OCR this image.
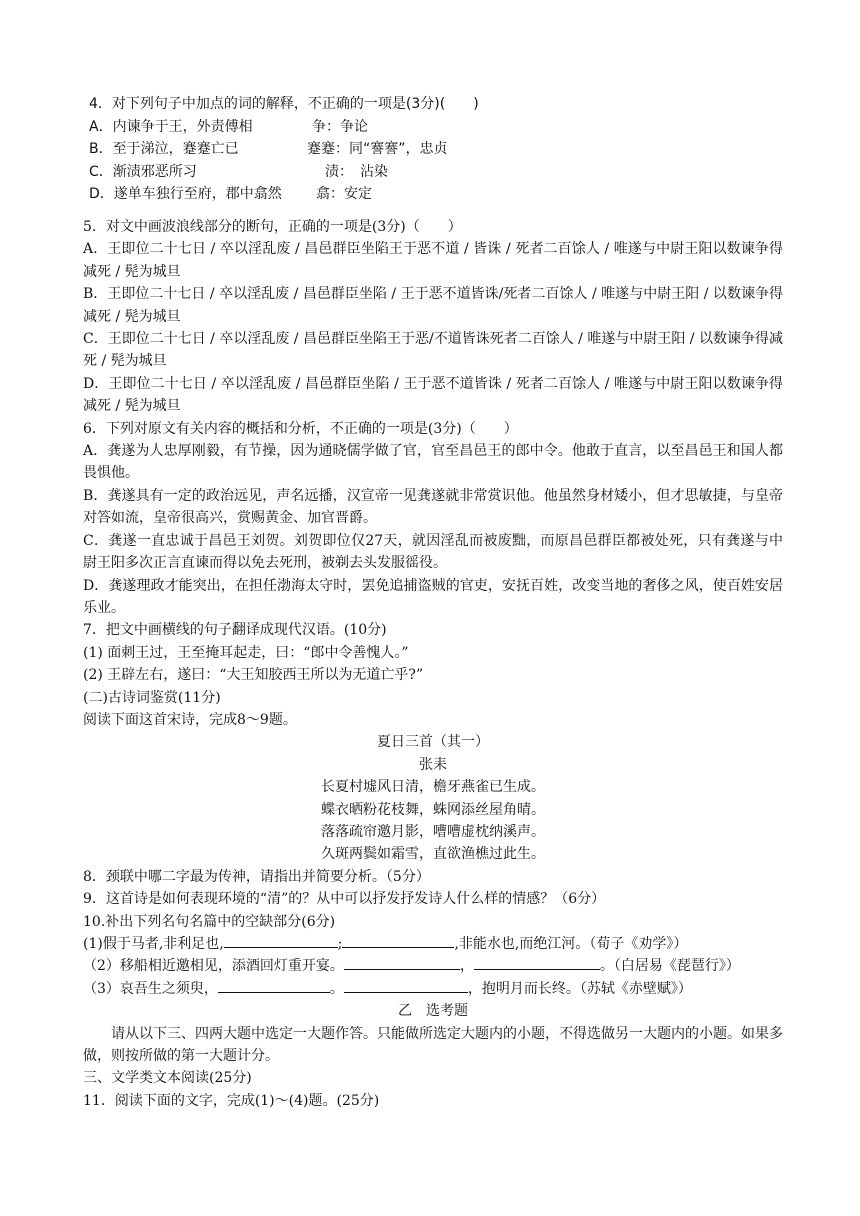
4．对下列句子中加点的词的解释，不正确的一项是(3分)(　　)
A．内谏争于王，外责傅相	争：争论
B．至于涕泣，蹇蹇亡已	蹇蹇：同“謇謇”，忠贞
C．渐渍邪恶所习	渍：　沾染
D．遂单车独行至府，郡中翕然 翕：安定

5．对文中画波浪线部分的断句，正确的一项是(3分)（　　）

A．王即位二十七日 / 卒以淫乱废 / 昌邑群臣坐陷王于恶不道 / 皆诛 / 死者二百馀人 / 唯遂与中尉王阳以数谏争得减死 / 髡为城旦

B．王即位二十七日 / 卒以淫乱废 / 昌邑群臣坐陷 / 王于恶不道皆诛/死者二百馀人 / 唯遂与中尉王阳 / 以数谏争得减死 / 髡为城旦

C．王即位二十七日 / 卒以淫乱废 / 昌邑群臣坐陷王于恶/不道皆诛死者二百馀人 / 唯遂与中尉王阳 / 以数谏争得减死 / 髡为城旦

D．王即位二十七日 / 卒以淫乱废 / 昌邑群臣坐陷 / 王于恶不道皆诛 / 死者二百馀人 / 唯遂与中尉王阳以数谏争得减死 / 髡为城旦

6．下列对原文有关内容的概括和分析，不正确的一项是(3分)（　　）

A．龚遂为人忠厚刚毅，有节操，因为通晓儒学做了官，官至昌邑王的郎中令。他敢于直言，以至昌邑王和国人都畏惧他。

B．龚遂具有一定的政治远见，声名远播，汉宣帝一见龚遂就非常赏识他。他虽然身材矮小，但才思敏捷，与皇帝对答如流，皇帝很高兴，赏赐黄金、加官晋爵。

C．龚遂一直忠诚于昌邑王刘贺。刘贺即位仅27天，就因淫乱而被废黜，而原昌邑群臣都被处死，只有龚遂与中尉王阳多次正言直谏而得以免去死刑，被剃去头发服徭役。

D．龚遂理政才能突出，在担任渤海太守时，罢免追捕盗贼的官吏，安抚百姓，改变当地的奢侈之风，使百姓安居乐业。

7．把文中画横线的句子翻译成现代汉语。(10分)

(1) 面刺王过，王至掩耳起走，曰：“郎中令善愧人。”

(2) 王辟左右，遂曰：“大王知胶西王所以为无道亡乎?”

(二)古诗词鉴赏(11分)

阅读下面这首宋诗，完成8～9题。

夏日三首（其一）

张耒

长夏村墟风日清，檐牙燕雀已生成。

蝶衣晒粉花枝舞，蛛网添丝屋角晴。

落落疏帘邀月影，嘈嘈虚枕纳溪声。

久斑两鬓如霜雪，直欲渔樵过此生。

8．颈联中哪二字最为传神，请指出并简要分析。（5分）

9．这首诗是如何表现环境的“清”的？从中可以抒发抒发诗人什么样的情感？（6分）

10.补出下列名句名篇中的空缺部分(6分)

(1)假于马者,非利足也,	;	,非能水也,而绝江河。（荀子《劝学》）

（2）移船相近邀相见，添酒回灯重开宴。	，	。（白居易《琵琶行》）

（3）哀吾生之须臾，	。	，抱明月而长终。（苏轼《赤壁赋》）

乙　选考题

请从以下三、四两大题中选定一大题作答。只能做所选定大题内的小题，不得选做另一大题内的小题。如果多做，则按所做的第一大题计分。

三、文学类文本阅读(25分)

11．阅读下面的文字，完成(1)～(4)题。(25分)
